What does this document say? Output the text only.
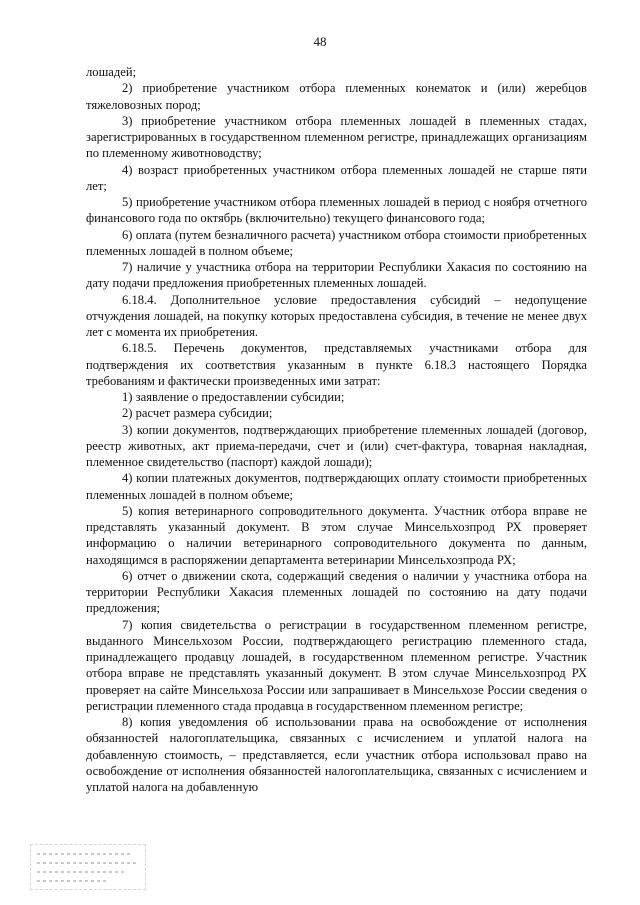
48

лошадей;

2) приобретение участником отбора племенных конематок и (или) жеребцов тяжеловозных пород;

3) приобретение участником отбора племенных лошадей в племенных стадах, зарегистрированных в государственном племенном регистре, принадлежащих организациям по племенному животноводству;

4) возраст приобретенных участником отбора племенных лошадей не старше пяти лет;

5) приобретение участником отбора племенных лошадей в период с ноября отчетного финансового года по октябрь (включительно) текущего финансового года;

6) оплата (путем безналичного расчета) участником отбора стоимости приобретенных племенных лошадей в полном объеме;

7) наличие у участника отбора на территории Республики Хакасия по состоянию на дату подачи предложения приобретенных племенных лошадей.

6.18.4. Дополнительное условие предоставления субсидий – недопущение отчуждения лошадей, на покупку которых предоставлена субсидия, в течение не менее двух лет с момента их приобретения.

6.18.5. Перечень документов, представляемых участниками отбора для подтверждения их соответствия указанным в пункте 6.18.3 настоящего Порядка требованиям и фактически произведенных ими затрат:

1) заявление о предоставлении субсидии;

2) расчет размера субсидии;

3) копии документов, подтверждающих приобретение племенных лошадей (договор, реестр животных, акт приема-передачи, счет и (или) счет-фактура, товарная накладная, племенное свидетельство (паспорт) каждой лошади);

4) копии платежных документов, подтверждающих оплату стоимости приобретенных племенных лошадей в полном объеме;

5) копия ветеринарного сопроводительного документа. Участник отбора вправе не представлять указанный документ. В этом случае Минсельхозпрод РХ проверяет информацию о наличии ветеринарного сопроводительного документа по данным, находящимся в распоряжении департамента ветеринарии Минсельхозпрода РХ;

6) отчет о движении скота, содержащий сведения о наличии у участника отбора на территории Республики Хакасия племенных лошадей по состоянию на дату подачи предложения;

7) копия свидетельства о регистрации в государственном племенном регистре, выданного Минсельхозом России, подтверждающего регистрацию племенного стада, принадлежащего продавцу лошадей, в государственном племенном регистре. Участник отбора вправе не представлять указанный документ. В этом случае Минсельхозпрод РХ проверяет на сайте Минсельхоза России или запрашивает в Минсельхозе России сведения о регистрации племенного стада продавца в государственном племенном регистре;

8) копия уведомления об использовании права на освобождение от исполнения обязанностей налогоплательщика, связанных с исчислением и уплатой налога на добавленную стоимость, – представляется, если участник отбора использовал право на освобождение от исполнения обязанностей налогоплательщика, связанных с исчислением и уплатой налога на добавленную
